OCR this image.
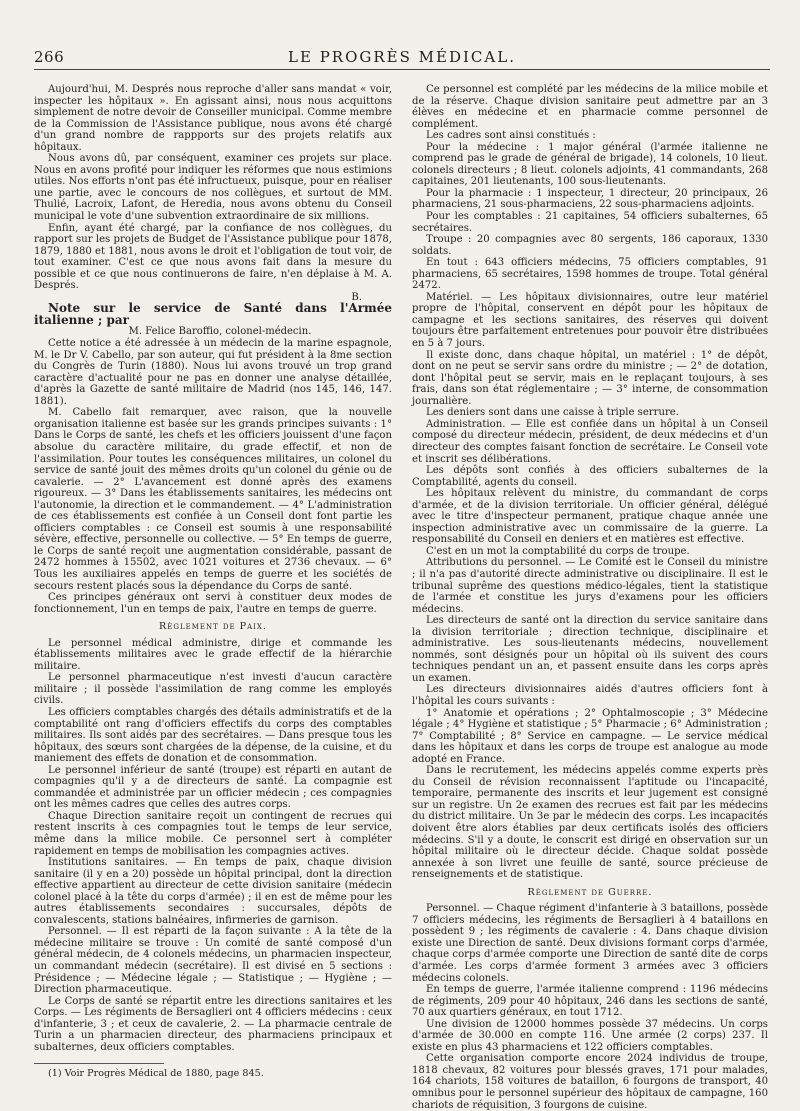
266	LE PROGRÈS MÉDICAL.

Aujourd'hui, M. Després nous reproche d'aller sans mandat « voir, inspecter les hôpitaux ». En agissant ainsi, nous nous acquittons simplement de notre devoir de Conseiller municipal. Comme membre de la Commission de l'Assistance publique, nous avons été chargé d'un grand nombre de rappports sur des projets relatifs aux hôpitaux.

Nous avons dû, par conséquent, examiner ces projets sur place. Nous en avons profité pour indiquer les réformes que nous estimions utiles. Nos efforts n'ont pas été infructueux, puisque, pour en réaliser une partie, avec le concours de nos collègues, et surtout de MM. Thulié, Lacroix, Lafont, de Heredia, nous avons obtenu du Conseil municipal le vote d'une subvention extraordinaire de six millions.

Enfin, ayant été chargé, par la confiance de nos collègues, du rapport sur les projets de Budget de l'Assistance publique pour 1878, 1879, 1880 et 1881, nous avons le droit et l'obligation de tout voir, de tout examiner. C'est ce que nous avons fait dans la mesure du possible et ce que nous continuerons de faire, n'en déplaise à M. A. Després.

B.

Note sur le service de Santé dans l'Armée italienne ; par

M. Felice Baroffio, colonel-médecin.

Cette notice a été adressée à un médecin de la marine espagnole, M. le Dr V. Cabello, par son auteur, qui fut président à la 8me section du Congrès de Turin (1880). Nous lui avons trouvé un trop grand caractère d'actualité pour ne pas en donner une analyse détaillée, d'après la Gazette de santé militaire de Madrid (nos 145, 146, 147. 1881).

M. Cabello fait remarquer, avec raison, que la nouvelle organisation italienne est basée sur les grands principes suivants : 1° Dans le Corps de santé, les chefs et les officiers jouissent d'une façon absolue du caractère militaire, du grade effectif, et non de l'assimilation. Pour toutes les conséquences militaires, un colonel du service de santé jouit des mêmes droits qu'un colonel du génie ou de cavalerie. — 2° L'avancement est donné après des examens rigoureux. — 3° Dans les établissements sanitaires, les médecins ont l'autonomie, la direction et le commandement. — 4° L'administration de ces établissements est confiée à un Conseil dont font partie les officiers comptables : ce Conseil est soumis à une responsabilité sévère, effective, personnelle ou collective. — 5° En temps de guerre, le Corps de santé reçoit une augmentation considérable, passant de 2472 hommes à 15502, avec 1021 voitures et 2736 chevaux. — 6° Tous les auxiliaires appelés en temps de guerre et les sociétés de secours restent placés sous la dépendance du Corps de santé.

Ces principes généraux ont servi à constituer deux modes de fonctionnement, l'un en temps de paix, l'autre en temps de guerre.

Règlement de Paix.

Le personnel médical administre, dirige et commande les établissements militaires avec le grade effectif de la hiérarchie militaire.

Le personnel pharmaceutique n'est investi d'aucun caractère militaire ; il possède l'assimilation de rang comme les employés civils.

Les officiers comptables chargés des détails administratifs et de la comptabilité ont rang d'officiers effectifs du corps des comptables militaires. Ils sont aidés par des secrétaires. — Dans presque tous les hôpitaux, des sœurs sont chargées de la dépense, de la cuisine, et du maniement des effets de donation et de consommation.

Le personnel inférieur de santé (troupe) est réparti en autant de compagnies qu'il y a de directeurs de santé. La compagnie est commandée et administrée par un officier médecin ; ces compagnies ont les mêmes cadres que celles des autres corps.

Chaque Direction sanitaire reçoit un contingent de recrues qui restent inscrits à ces compagnies tout le temps de leur service, même dans la milice mobile. Ce personnel sert à compléter rapidement en temps de mobilisation les compagnies actives.

Institutions sanitaires. — En temps de paix, chaque division sanitaire (il y en a 20) possède un hôpital principal, dont la direction effective appartient au directeur de cette division sanitaire (médecin colonel placé à la tête du corps d'armée) ; il en est de même pour les autres établissements secondaires : succursales, dépôts de convalescents, stations balnéaires, infirmeries de garnison.

Personnel. — Il est réparti de la façon suivante : A la tête de la médecine militaire se trouve : Un comité de santé composé d'un général médecin, de 4 colonels médecins, un pharmacien inspecteur, un commandant médecin (secrétaire). Il est divisé en 5 sections : Présidence ; — Médecine légale ; — Statistique ; — Hygiène ; — Direction pharmaceutique.

Le Corps de santé se répartit entre les directions sanitaires et les Corps. — Les régiments de Bersaglieri ont 4 officiers médecins : ceux d'infanterie, 3 ; et ceux de cavalerie, 2. — La pharmacie centrale de Turin a un pharmacien directeur, des pharmaciens principaux et subalternes, deux officiers comptables.

(1) Voir Progrès Médical de 1880, page 845.

Ce personnel est complété par les médecins de la milice mobile et de la réserve. Chaque division sanitaire peut admettre par an 3 élèves en médecine et en pharmacie comme personnel de complément.

Les cadres sont ainsi constitués :

Pour la médecine : 1 major général (l'armée italienne ne comprend pas le grade de général de brigade), 14 colonels, 10 lieut. colonels directeurs ; 8 lieut. colonels adjoints, 41 commandants, 268 capitaines, 201 lieutenants, 100 sous-lieutenants.

Pour la pharmacie : 1 inspecteur, 1 directeur, 20 principaux, 26 pharmaciens, 21 sous-pharmaciens, 22 sous-pharmaciens adjoints.

Pour les comptables : 21 capitaines, 54 officiers subalternes, 65 secrétaires.

Troupe : 20 compagnies avec 80 sergents, 186 caporaux, 1330 soldats.

En tout : 643 officiers médecins, 75 officiers comptables, 91 pharmaciens, 65 secrétaires, 1598 hommes de troupe. Total général 2472.

Matériel. — Les hôpitaux divisionnaires, outre leur matériel propre de l'hôpital, conservent en dépôt pour les hôpitaux de campagne et les sections sanitaires, des réserves qui doivent toujours être parfaitement entretenues pour pouvoir être distribuées en 5 à 7 jours.

Il existe donc, dans chaque hôpital, un matériel : 1° de dépôt, dont on ne peut se servir sans ordre du ministre ; — 2° de dotation, dont l'hôpital peut se servir, mais en le replaçant toujours, à ses frais, dans son état réglementaire ; — 3° interne, de consommation journalière.

Les deniers sont dans une caisse à triple serrure.

Administration. — Elle est confiée dans un hôpital à un Conseil composé du directeur médecin, président, de deux médecins et d'un directeur des comptes faisant fonction de secrétaire. Le Conseil vote et inscrit ses délibérations.

Les dépôts sont confiés à des officiers subalternes de la Comptabilité, agents du conseil.

Les hôpitaux relèvent du ministre, du commandant de corps d'armée, et de la division territoriale. Un officier général, délégué avec le titre d'inspecteur permanent, pratique chaque année une inspection administrative avec un commissaire de la guerre. La responsabilité du Conseil en deniers et en matières est effective.

C'est en un mot la comptabilité du corps de troupe.

Attributions du personnel. — Le Comité est le Conseil du ministre ; il n'a pas d'autorité directe administrative ou disciplinaire. Il est le tribunal suprême des questions médico-légales, tient la statistique de l'armée et constitue les jurys d'examens pour les officiers médecins.

Les directeurs de santé ont la direction du service sanitaire dans la division territoriale ; direction technique, disciplinaire et administrative. Les sous-lieutenants médecins, nouvellement nommés, sont désignés pour un hôpital où ils suivent des cours techniques pendant un an, et passent ensuite dans les corps après un examen.

Les directeurs divisionnaires aidés d'autres officiers font à l'hôpital les cours suivants :

1° Anatomie et opérations ; 2° Ophtalmoscopie ; 3° Médecine légale ; 4° Hygiène et statistique ; 5° Pharmacie ; 6° Administration ; 7° Comptabilité ; 8° Service en campagne. — Le service médical dans les hôpitaux et dans les corps de troupe est analogue au mode adopté en France.

Dans le recrutement, les médecins appelés comme experts près du Conseil de révision reconnaissent l'aptitude ou l'incapacité, temporaire, permanente des inscrits et leur jugement est consigné sur un registre. Un 2e examen des recrues est fait par les médecins du district militaire. Un 3e par le médecin des corps. Les incapacités doivent être alors établies par deux certificats isolés des officiers médecins. S'il y a doute, le conscrit est dirigé en observation sur un hôpital militaire où le directeur décide. Chaque soldat possède annexée à son livret une feuille de santé, source précieuse de renseignements et de statistique.

Règlement de Guerre.

Personnel. — Chaque régiment d'infanterie à 3 bataillons, possède 7 officiers médecins, les régiments de Bersaglieri à 4 bataillons en possèdent 9 ; les régiments de cavalerie : 4. Dans chaque division existe une Direction de santé. Deux divisions formant corps d'armée, chaque corps d'armée comporte une Direction de santé dite de corps d'armée. Les corps d'armée forment 3 armées avec 3 officiers médecins colonels.

En temps de guerre, l'armée italienne comprend : 1196 médecins de régiments, 209 pour 40 hôpitaux, 246 dans les sections de santé, 70 aux quartiers généraux, en tout 1712.

Une division de 12000 hommes possède 37 médecins. Un corps d'armée de 30.000 en compte 116. Une armée (2 corps) 237. Il existe en plus 43 pharmaciens et 122 officiers comptables.

Cette organisation comporte encore 2024 individus de troupe, 1818 chevaux, 82 voitures pour blessés graves, 171 pour malades, 164 chariots, 158 voitures de bataillon, 6 fourgons de transport, 40 omnibus pour le personnel supérieur des hôpitaux de campagne, 160 chariots de réquisition, 3 fourgons de cuisine.
